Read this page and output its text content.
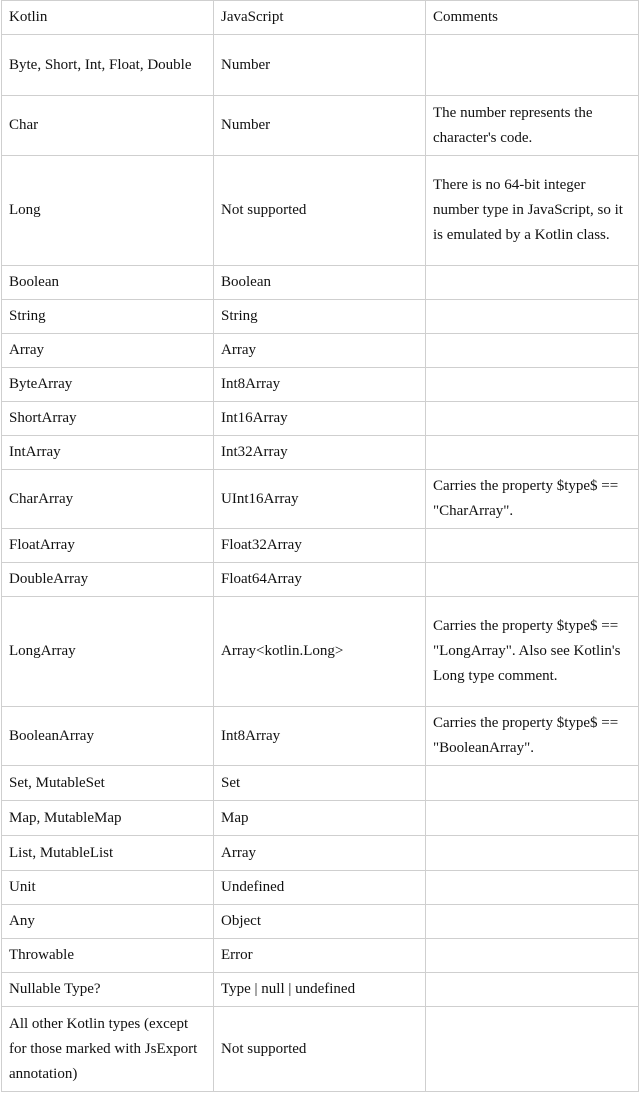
Kotlin	JavaScript	Comments
Byte, Short, Int, Float, Double	Number	
Char	Number	The number represents the character's code.
Long	Not supported	There is no 64-bit integer number type in JavaScript, so it is emulated by a Kotlin class.
Boolean	Boolean	
String	String	
Array	Array	
ByteArray	Int8Array	
ShortArray	Int16Array	
IntArray	Int32Array	
CharArray	UInt16Array	Carries the property $type$ == "CharArray".
FloatArray	Float32Array	
DoubleArray	Float64Array	
LongArray	Array<kotlin.Long>	Carries the property $type$ == "LongArray". Also see Kotlin's Long type comment.
BooleanArray	Int8Array	Carries the property $type$ == "BooleanArray".
Set, MutableSet	Set	
Map, MutableMap	Map	
List, MutableList	Array	
Unit	Undefined	
Any	Object	
Throwable	Error	
Nullable Type?	Type | null | undefined	
All other Kotlin types (except for those marked with JsExport annotation)	Not supported	
